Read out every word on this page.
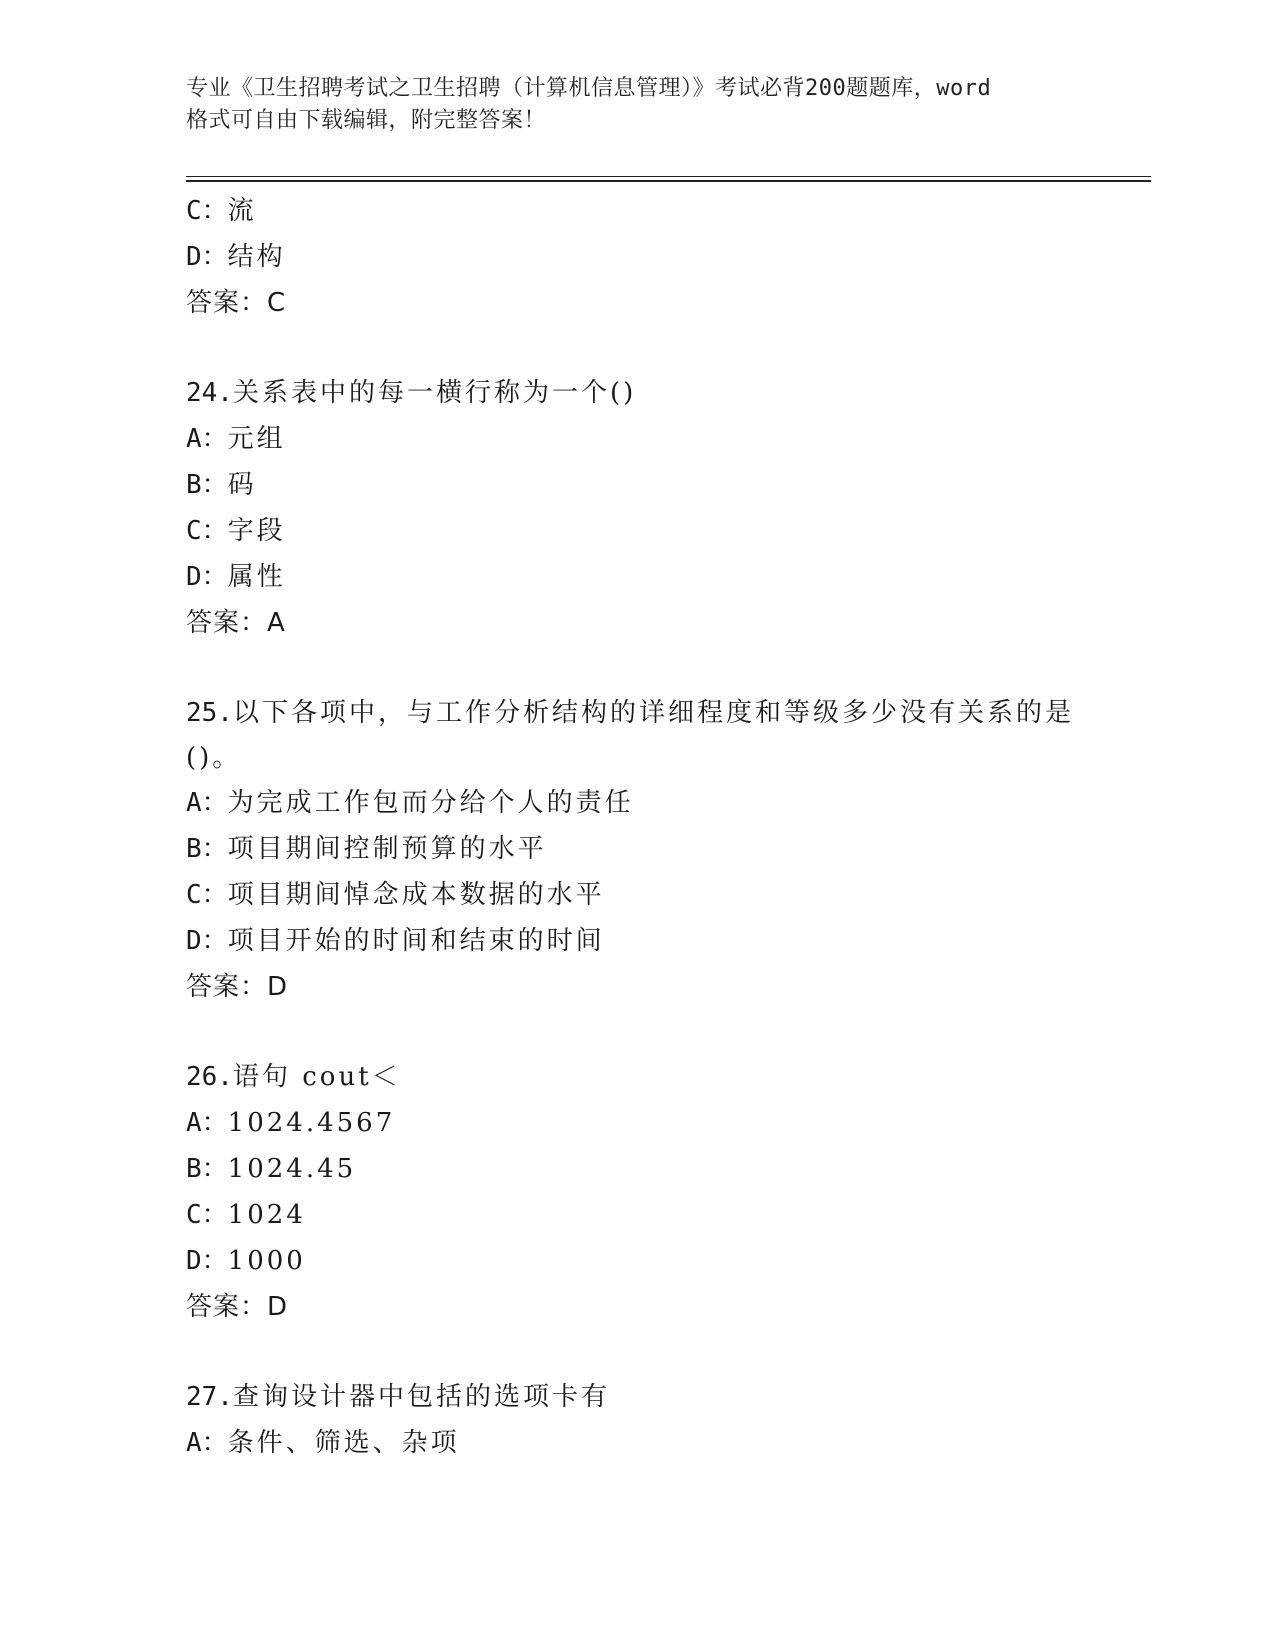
专业《卫生招聘考试之卫生招聘（计算机信息管理）》考试必背200题题库，word
格式可自由下载编辑，附完整答案！
C：流
D：结构
答案：C
24.关系表中的每一横行称为一个()
A：元组
B：码
C：字段
D：属性
答案：A
25.以下各项中，与工作分析结构的详细程度和等级多少没有关系的是
()。
A：为完成工作包而分给个人的责任
B：项目期间控制预算的水平
C：项目期间悼念成本数据的水平
D：项目开始的时间和结束的时间
答案：D
26.语句 cout＜
A：1024.4567
B：1024.45
C：1024
D：1000
答案：D
27.查询设计器中包括的选项卡有
A：条件、筛选、杂项
